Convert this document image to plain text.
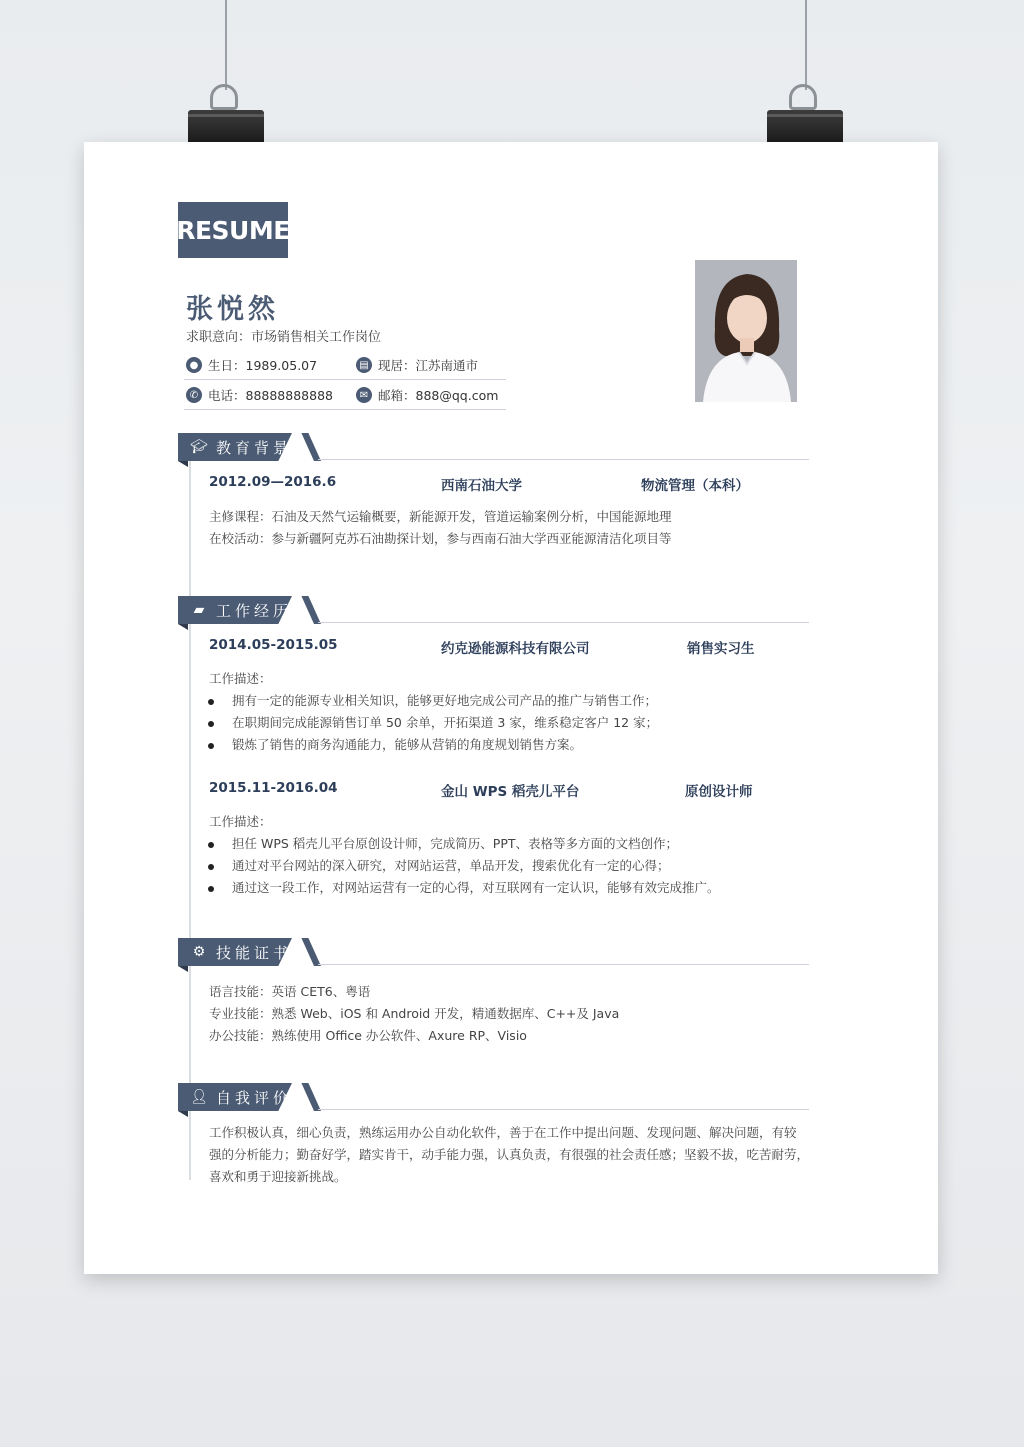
RESUME
张悦然
求职意向：市场销售相关工作岗位
● 生日：1989.05.07	▤ 现居：江苏南通市
✆ 电话：88888888888	✉ 邮箱：888@qq.com
🎓︎ 教育背景
2012.09—2016.6	西南石油大学	物流管理（本科）
主修课程：石油及天然气运输概要，新能源开发，管道运输案例分析，中国能源地理
在校活动：参与新疆阿克苏石油勘探计划，参与西南石油大学西亚能源清洁化项目等
▰ 工作经历
2014.05-2015.05	约克逊能源科技有限公司	销售实习生
工作描述：
拥有一定的能源专业相关知识，能够更好地完成公司产品的推广与销售工作；
在职期间完成能源销售订单 50 余单，开拓渠道 3 家，维系稳定客户 12 家；
锻炼了销售的商务沟通能力，能够从营销的角度规划销售方案。
2015.11-2016.04	金山 WPS 稻壳儿平台	原创设计师
工作描述：
担任 WPS 稻壳儿平台原创设计师，完成简历、PPT、表格等多方面的文档创作；
通过对平台网站的深入研究，对网站运营，单品开发，搜索优化有一定的心得；
通过这一段工作，对网站运营有一定的心得，对互联网有一定认识，能够有效完成推广。
⚙ 技能证书
语言技能：英语 CET6、粤语
专业技能：熟悉 Web、iOS 和 Android 开发，精通数据库、C++及 Java
办公技能：熟练使用 Office 办公软件、Axure RP、Visio
👤︎ 自我评价
工作积极认真，细心负责，熟练运用办公自动化软件，善于在工作中提出问题、发现问题、解决问题，有较
强的分析能力；勤奋好学，踏实肯干，动手能力强，认真负责，有很强的社会责任感；坚毅不拔，吃苦耐劳，
喜欢和勇于迎接新挑战。
